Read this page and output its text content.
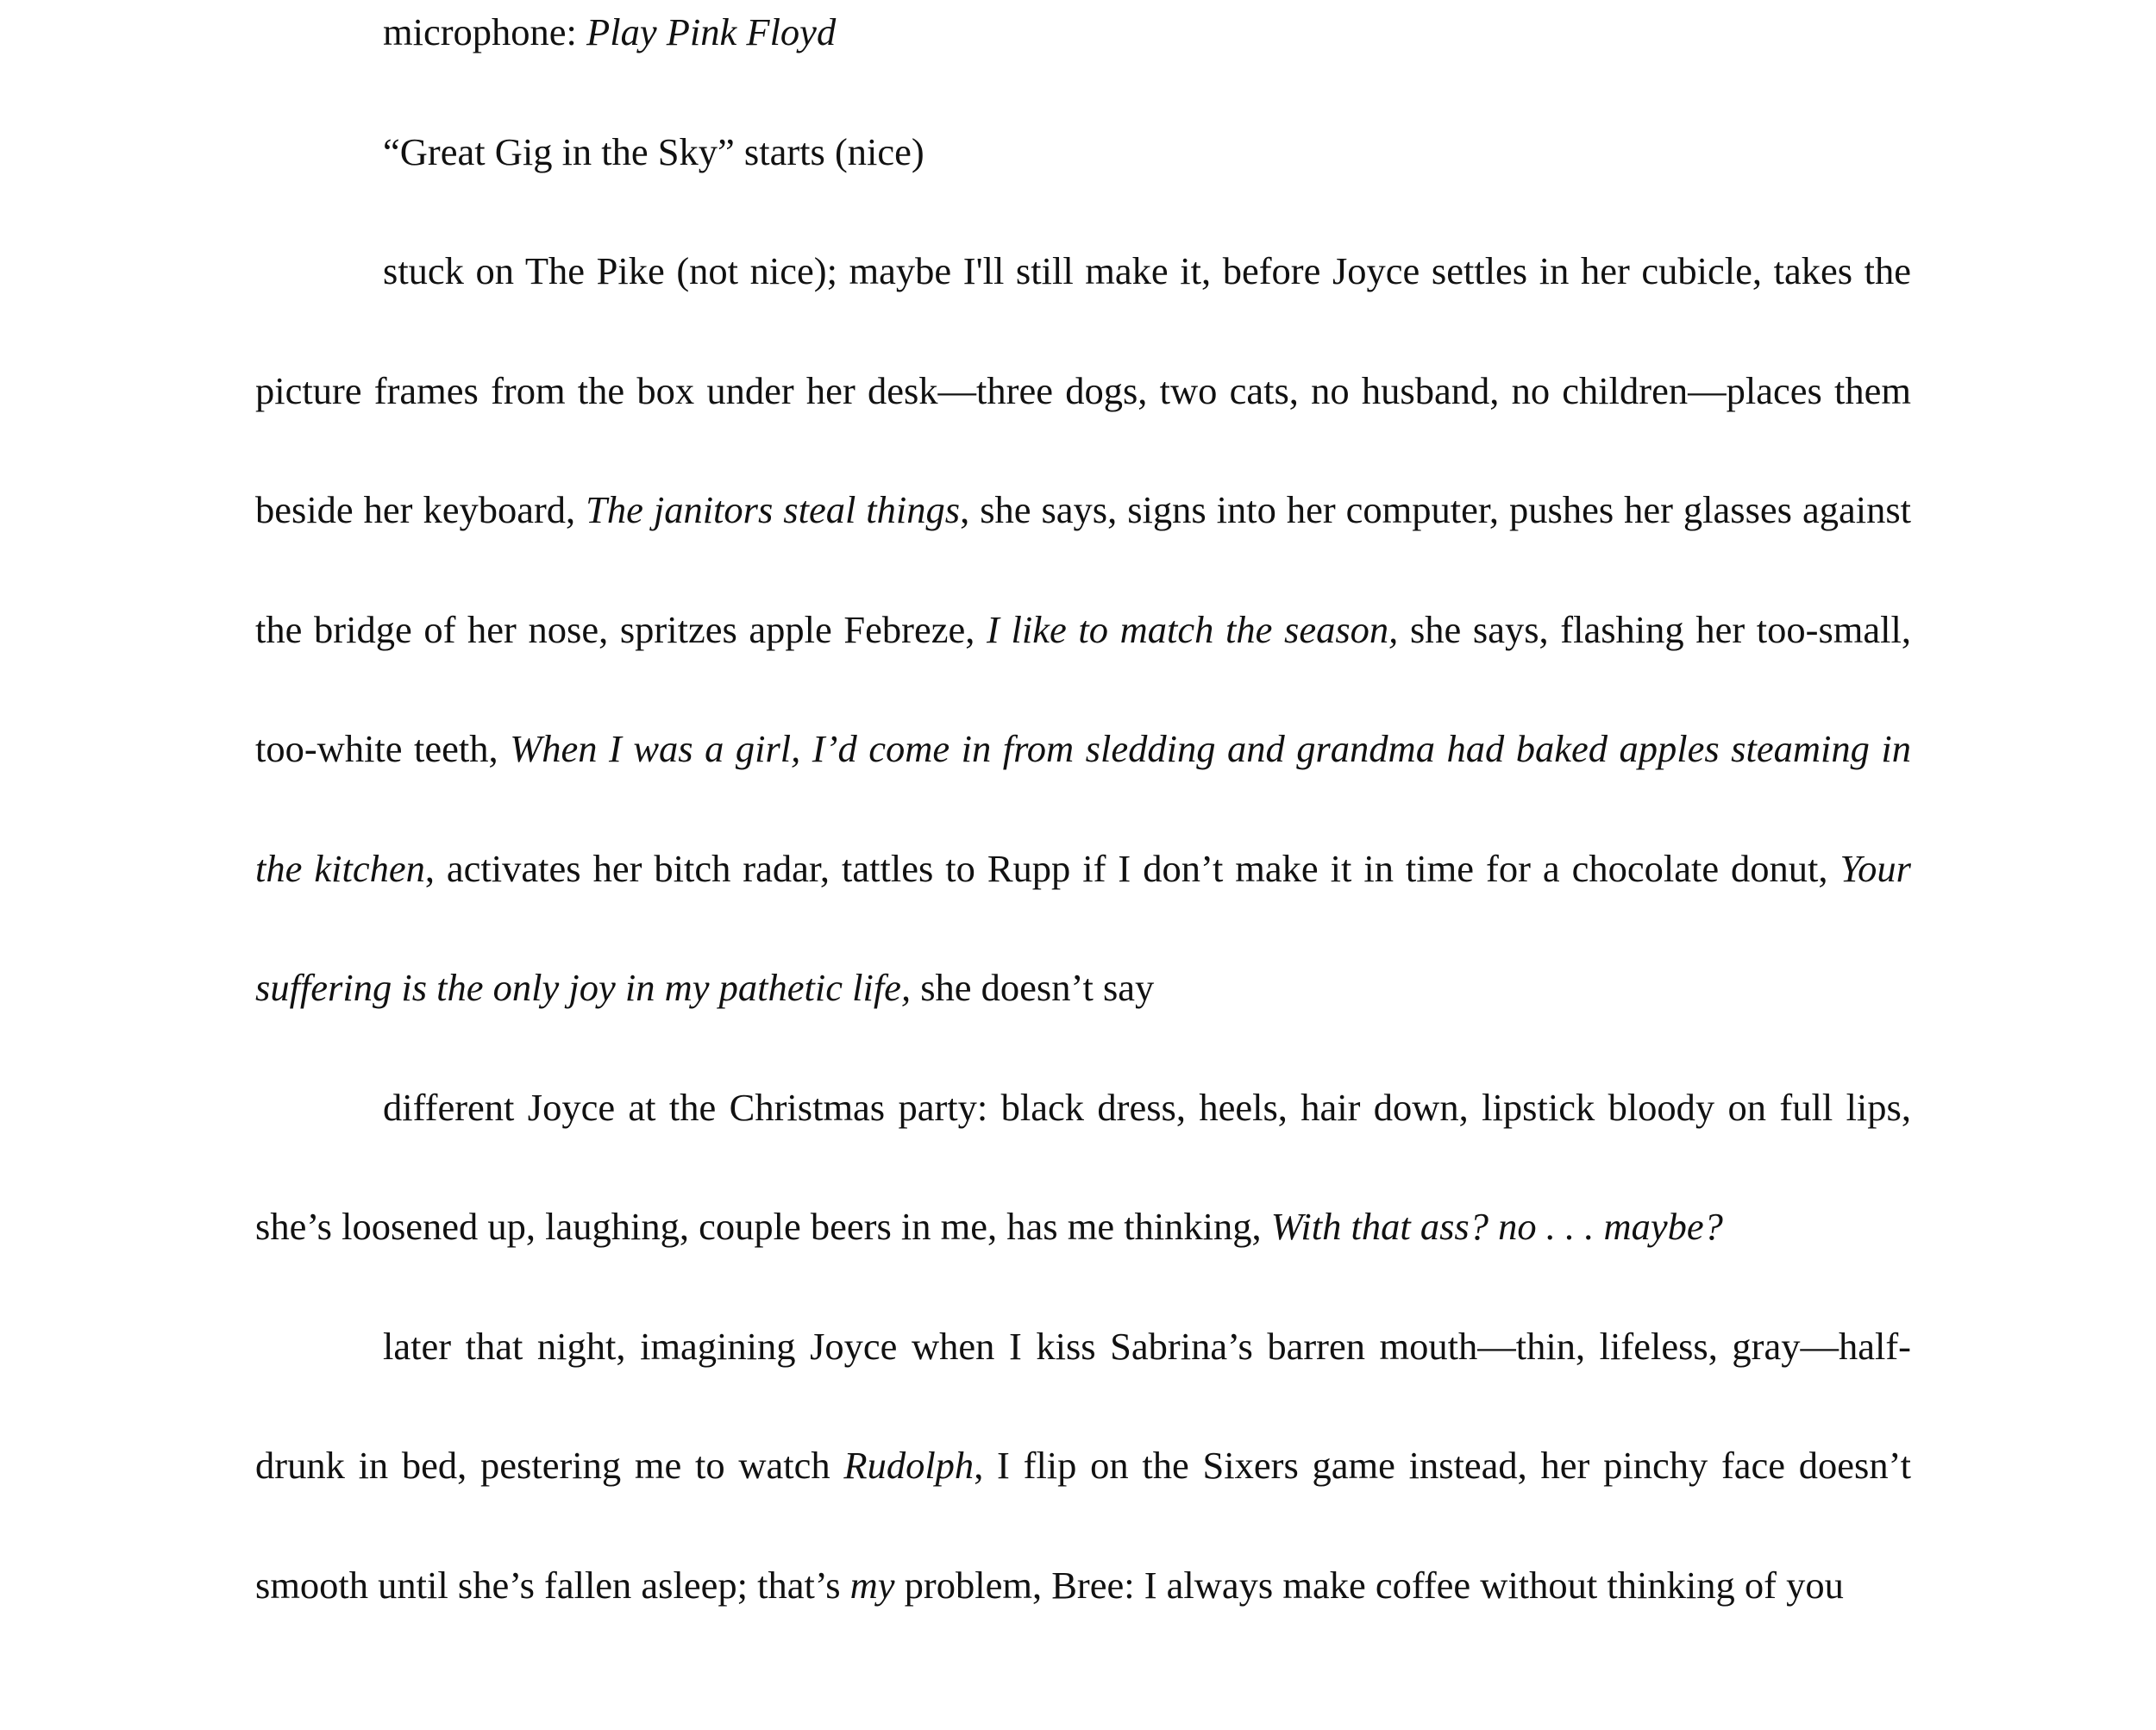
microphone: Play Pink Floyd

“Great Gig in the Sky” starts (nice)

stuck on The Pike (not nice); maybe I'll still make it, before Joyce settles in her cubicle, takes the picture frames from the box under her desk—three dogs, two cats, no husband, no children—places them beside her keyboard, The janitors steal things, she says, signs into her computer, pushes her glasses against the bridge of her nose, spritzes apple Febreze, I like to match the season, she says, flashing her too-small, too-white teeth, When I was a girl, I’d come in from sledding and grandma had baked apples steaming in the kitchen, activates her bitch radar, tattles to Rupp if I don’t make it in time for a chocolate donut, Your suffering is the only joy in my pathetic life, she doesn’t say

different Joyce at the Christmas party: black dress, heels, hair down, lipstick bloody on full lips, she’s loosened up, laughing, couple beers in me, has me thinking, With that ass? no . . . maybe?

later that night, imagining Joyce when I kiss Sabrina’s barren mouth—thin, lifeless, gray—half-drunk in bed, pestering me to watch Rudolph, I flip on the Sixers game instead, her pinchy face doesn’t smooth until she’s fallen asleep; that’s my problem, Bree: I always make coffee without thinking of you
